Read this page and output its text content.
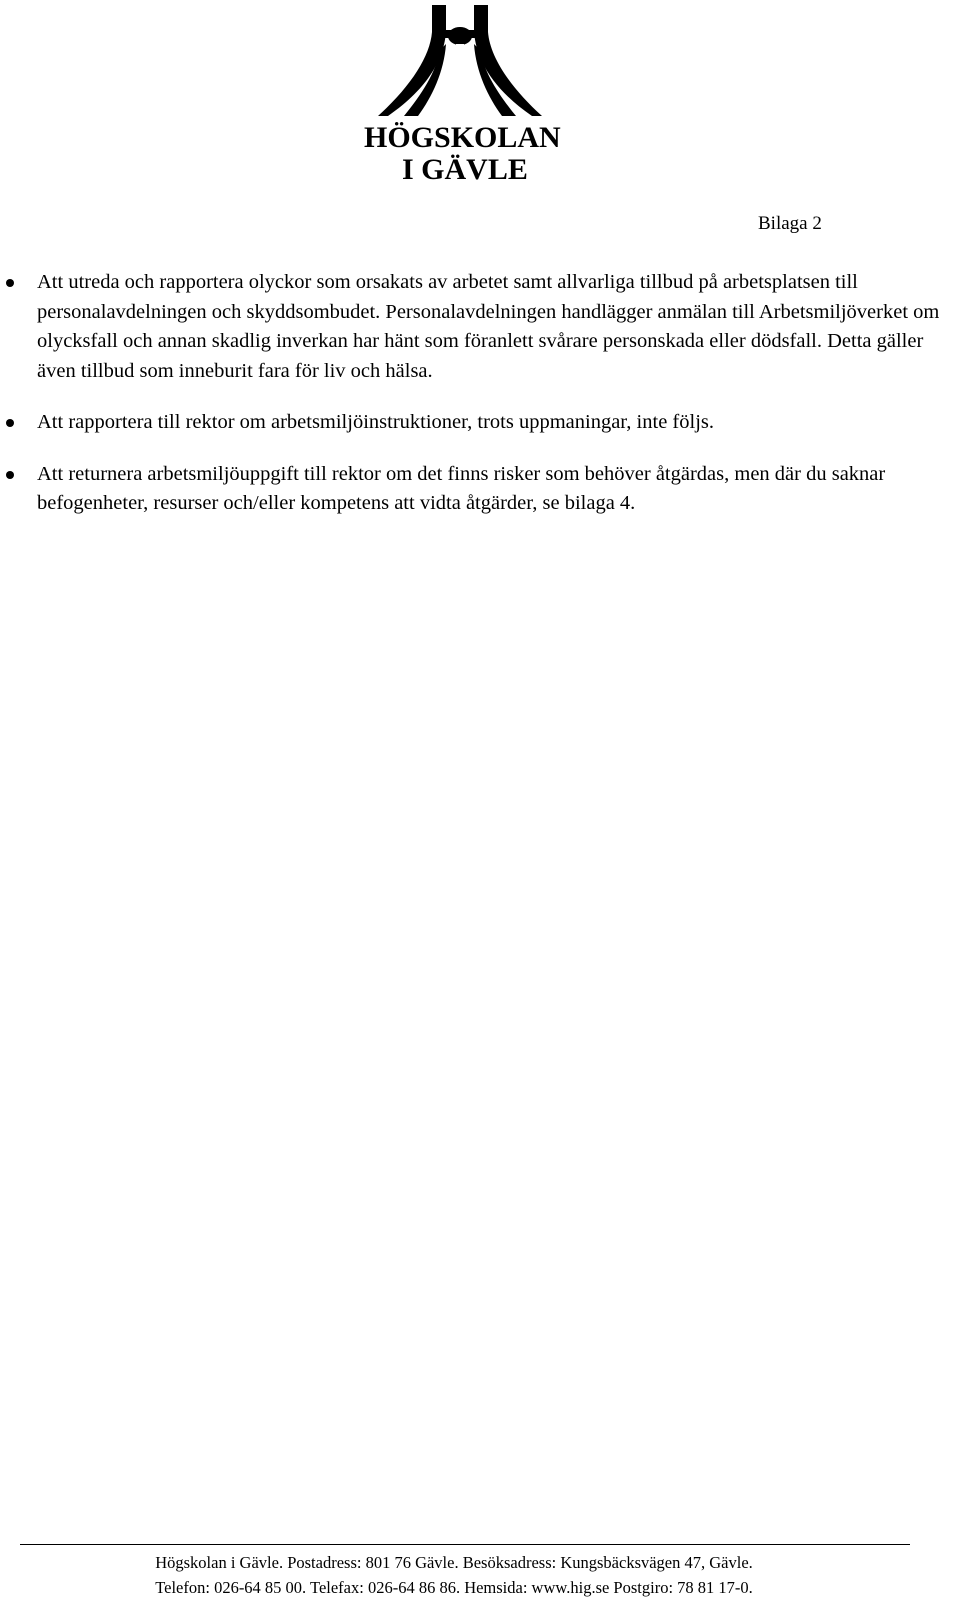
HÖGSKOLAN
I GÄVLE
Bilaga 2
Att utreda och rapportera olyckor som orsakats av arbetet samt allvarliga tillbud på arbetsplatsen till personalavdelningen och skyddsombudet. Personalavdelningen handlägger anmälan till Arbetsmiljöverket om olycksfall och annan skadlig inverkan har hänt som föranlett svårare personskada eller dödsfall. Detta gäller även tillbud som inneburit fara för liv och hälsa.
Att rapportera till rektor om arbetsmiljöinstruktioner, trots uppmaningar, inte följs.
Att returnera arbetsmiljöuppgift till rektor om det finns risker som behöver åtgärdas, men där du saknar befogenheter, resurser och/eller kompetens att vidta åtgärder, se bilaga 4.
Högskolan i Gävle. Postadress: 801 76 Gävle. Besöksadress: Kungsbäcksvägen 47, Gävle.
Telefon: 026-64 85 00. Telefax: 026-64 86 86. Hemsida: www.hig.se Postgiro: 78 81 17-0.
